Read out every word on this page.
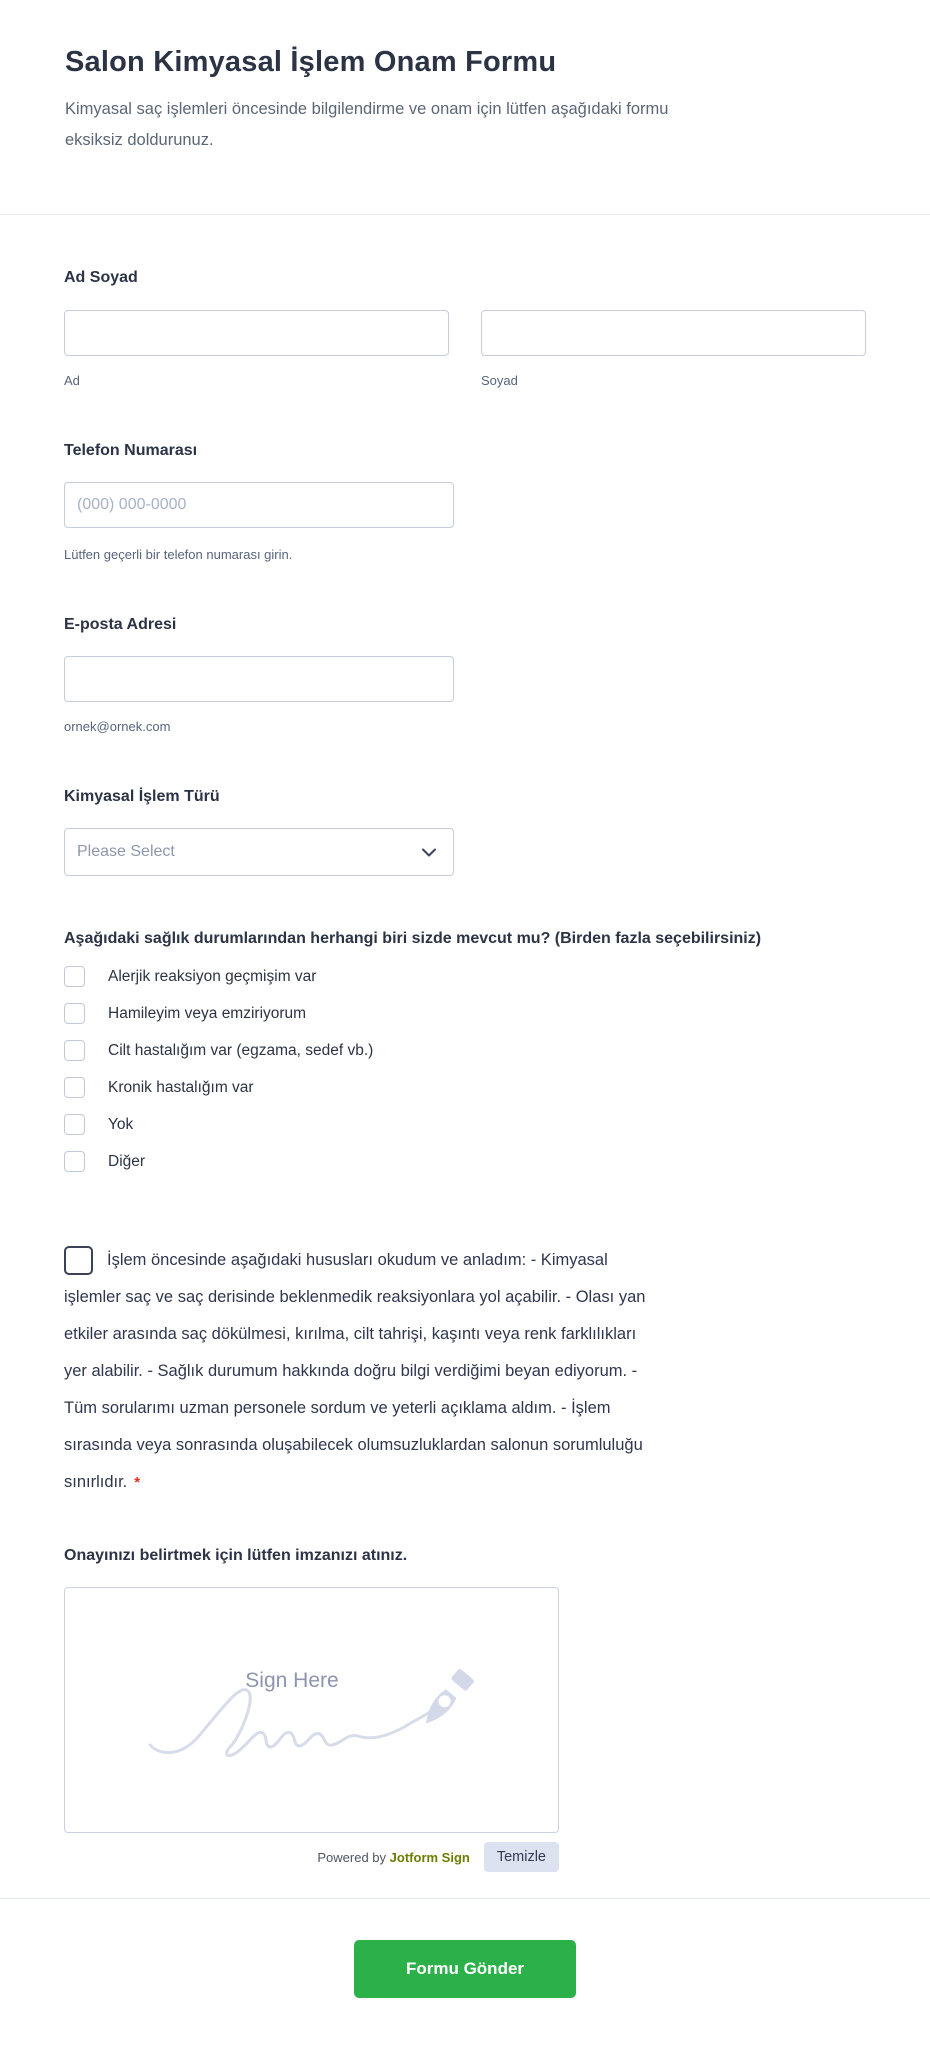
Salon Kimyasal İşlem Onam Formu

Kimyasal saç işlemleri öncesinde bilgilendirme ve onam için lütfen aşağıdaki formu eksiksiz doldurunuz.

Ad Soyad
Ad	Soyad
Telefon Numarası
(000) 000-0000
Lütfen geçerli bir telefon numarası girin.
E-posta Adresi
ornek@ornek.com
Kimyasal İşlem Türü
Please Select
Aşağıdaki sağlık durumlarından herhangi biri sizde mevcut mu? (Birden fazla seçebilirsiniz)
Alerjik reaksiyon geçmişim var
Hamileyim veya emziriyorum
Cilt hastalığım var (egzama, sedef vb.)
Kronik hastalığım var
Yok
Diğer
İşlem öncesinde aşağıdaki hususları okudum ve anladım: - Kimyasal işlemler saç ve saç derisinde beklenmedik reaksiyonlara yol açabilir. - Olası yan etkiler arasında saç dökülmesi, kırılma, cilt tahrişi, kaşıntı veya renk farklılıkları yer alabilir. - Sağlık durumum hakkında doğru bilgi verdiğimi beyan ediyorum. - Tüm sorularımı uzman personele sordum ve yeterli açıklama aldım. - İşlem sırasında veya sonrasında oluşabilecek olumsuzluklardan salonun sorumluluğu sınırlıdır. *
Onayınızı belirtmek için lütfen imzanızı atınız.
Sign Here
Powered by Jotform Sign	Temizle
Formu Gönder
